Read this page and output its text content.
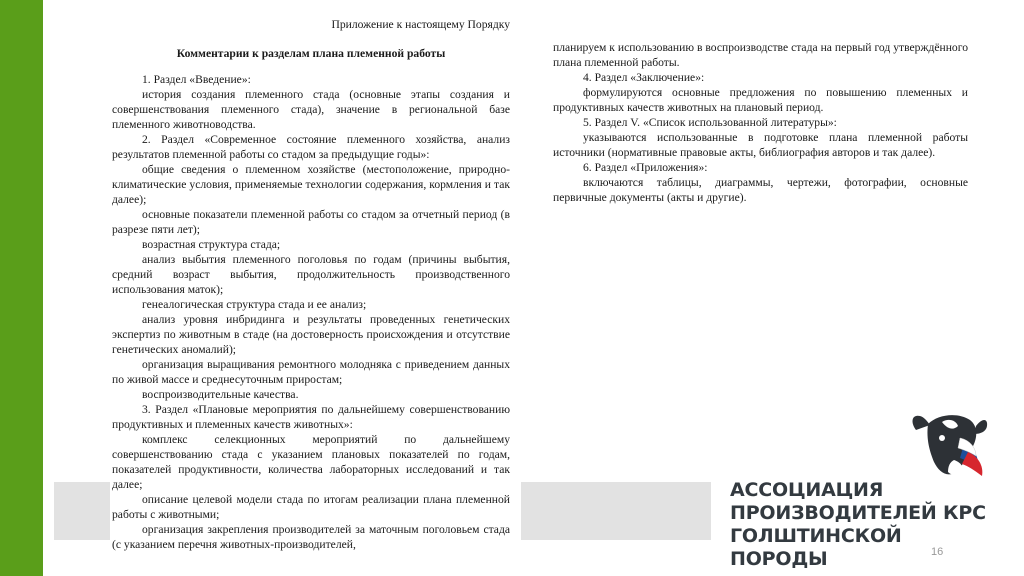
Приложение к настоящему Порядку
Комментарии к разделам плана племенной работы

1. Раздел «Введение»:

история создания племенного стада (основные этапы создания и совершенствования племенного стада), значение в региональной базе племенного животноводства.

2. Раздел «Современное состояние племенного хозяйства, анализ результатов племенной работы со стадом за предыдущие годы»:

общие сведения о племенном хозяйстве (местоположение, природно-климатические условия, применяемые технологии содержания, кормления и так далее);

основные показатели племенной работы со стадом за отчетный период (в разрезе пяти лет);

возрастная структура стада;

анализ выбытия племенного поголовья по годам (причины выбытия, средний возраст выбытия, продолжительность производственного использования маток);

генеалогическая структура стада и ее анализ;

анализ уровня инбридинга и результаты проведенных генетических экспертиз по животным в стаде (на достоверность происхождения и отсутствие генетических аномалий);

организация выращивания ремонтного молодняка с приведением данных по живой массе и среднесуточным приростам;

воспроизводительные качества.

3. Раздел «Плановые мероприятия по дальнейшему совершенствованию продуктивных и племенных качеств животных»:

комплекс селекционных мероприятий по дальнейшему совершенствованию стада с указанием плановых показателей по годам, показателей продуктивности, количества лабораторных исследований и так далее;

описание целевой модели стада по итогам реализации плана племенной работы с животными;

организация закрепления производителей за маточным поголовьем стада (с указанием перечня животных-производителей,

планируем к использованию в воспроизводстве стада на первый год утверждённого плана племенной работы.

4. Раздел «Заключение»:

формулируются основные предложения по повышению племенных и продуктивных качеств животных на плановый период.

5. Раздел V. «Список использованной литературы»:

указываются использованные в подготовке плана племенной работы источники (нормативные правовые акты, библиография авторов и так далее).

6. Раздел «Приложения»:

включаются таблицы, диаграммы, чертежи, фотографии, основные первичные документы (акты и другие).

АССОЦИАЦИЯ
ПРОИЗВОДИТЕЛЕЙ КРС
ГОЛШТИНСКОЙ ПОРОДЫ	16
